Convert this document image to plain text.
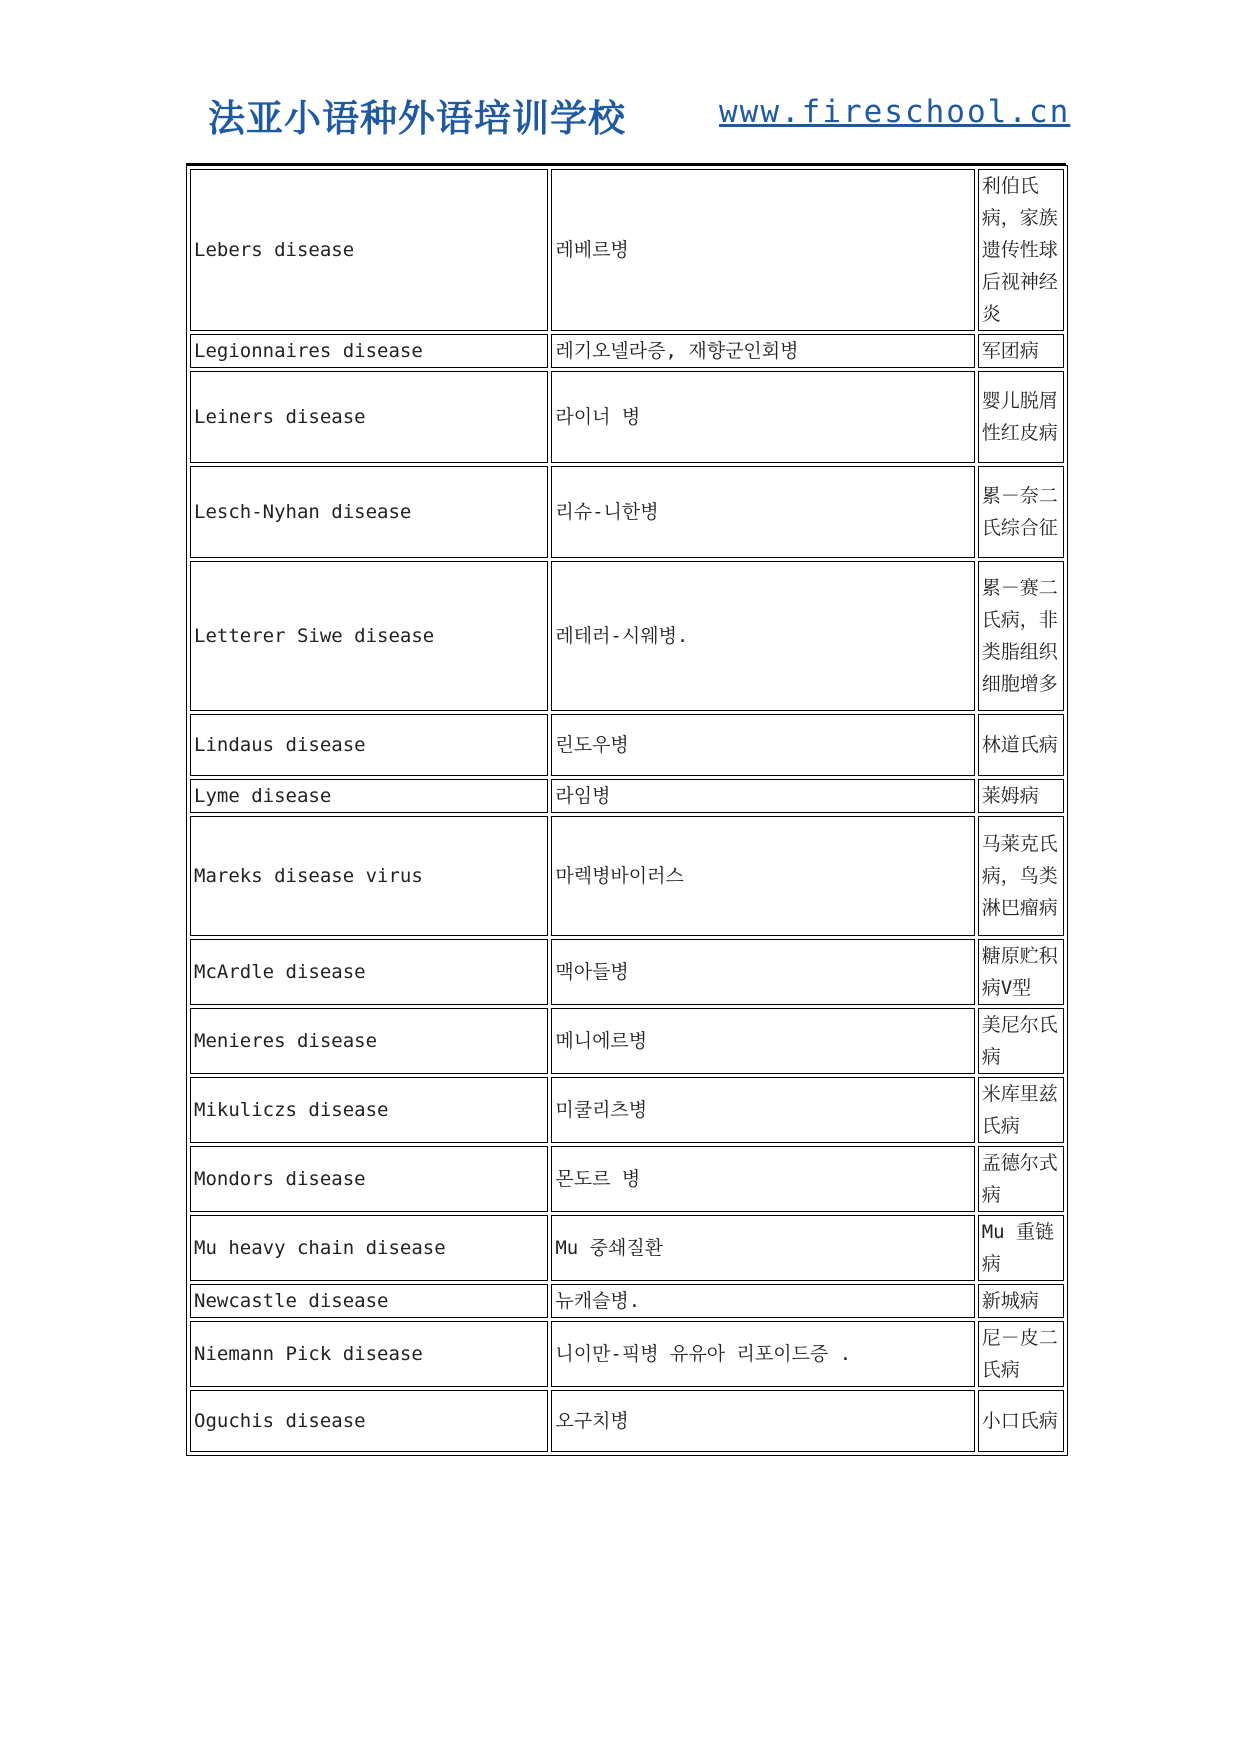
法亚小语种外语培训学校	www.fireschool.cn
Lebers disease	레베르병	利伯氏病，家族遗传性球后视神经炎
Legionnaires disease	레기오넬라증, 재향군인회병	军团病
Leiners disease	라이너 병	婴儿脱屑性红皮病
Lesch-Nyhan disease	리슈-니한병	累－奈二氏综合征
Letterer Siwe disease	레테러-시웨병.	累－赛二氏病，非类脂组织细胞增多
Lindaus disease	린도우병	林道氏病
Lyme disease	라임병	莱姆病
Mareks disease virus	마렉병바이러스	马莱克氏病，鸟类淋巴瘤病
McArdle disease	맥아들병	糖原贮积病V型
Menieres disease	메니에르병	美尼尔氏病
Mikuliczs disease	미쿨리츠병	米库里兹氏病
Mondors disease	몬도르 병	孟德尔式病
Mu heavy chain disease	Mu 중쇄질환	Mu 重链病
Newcastle disease	뉴캐슬병.	新城病
Niemann Pick disease	니이만-픽병 유유아 리포이드증 .	尼－皮二氏病
Oguchis disease	오구치병	小口氏病
